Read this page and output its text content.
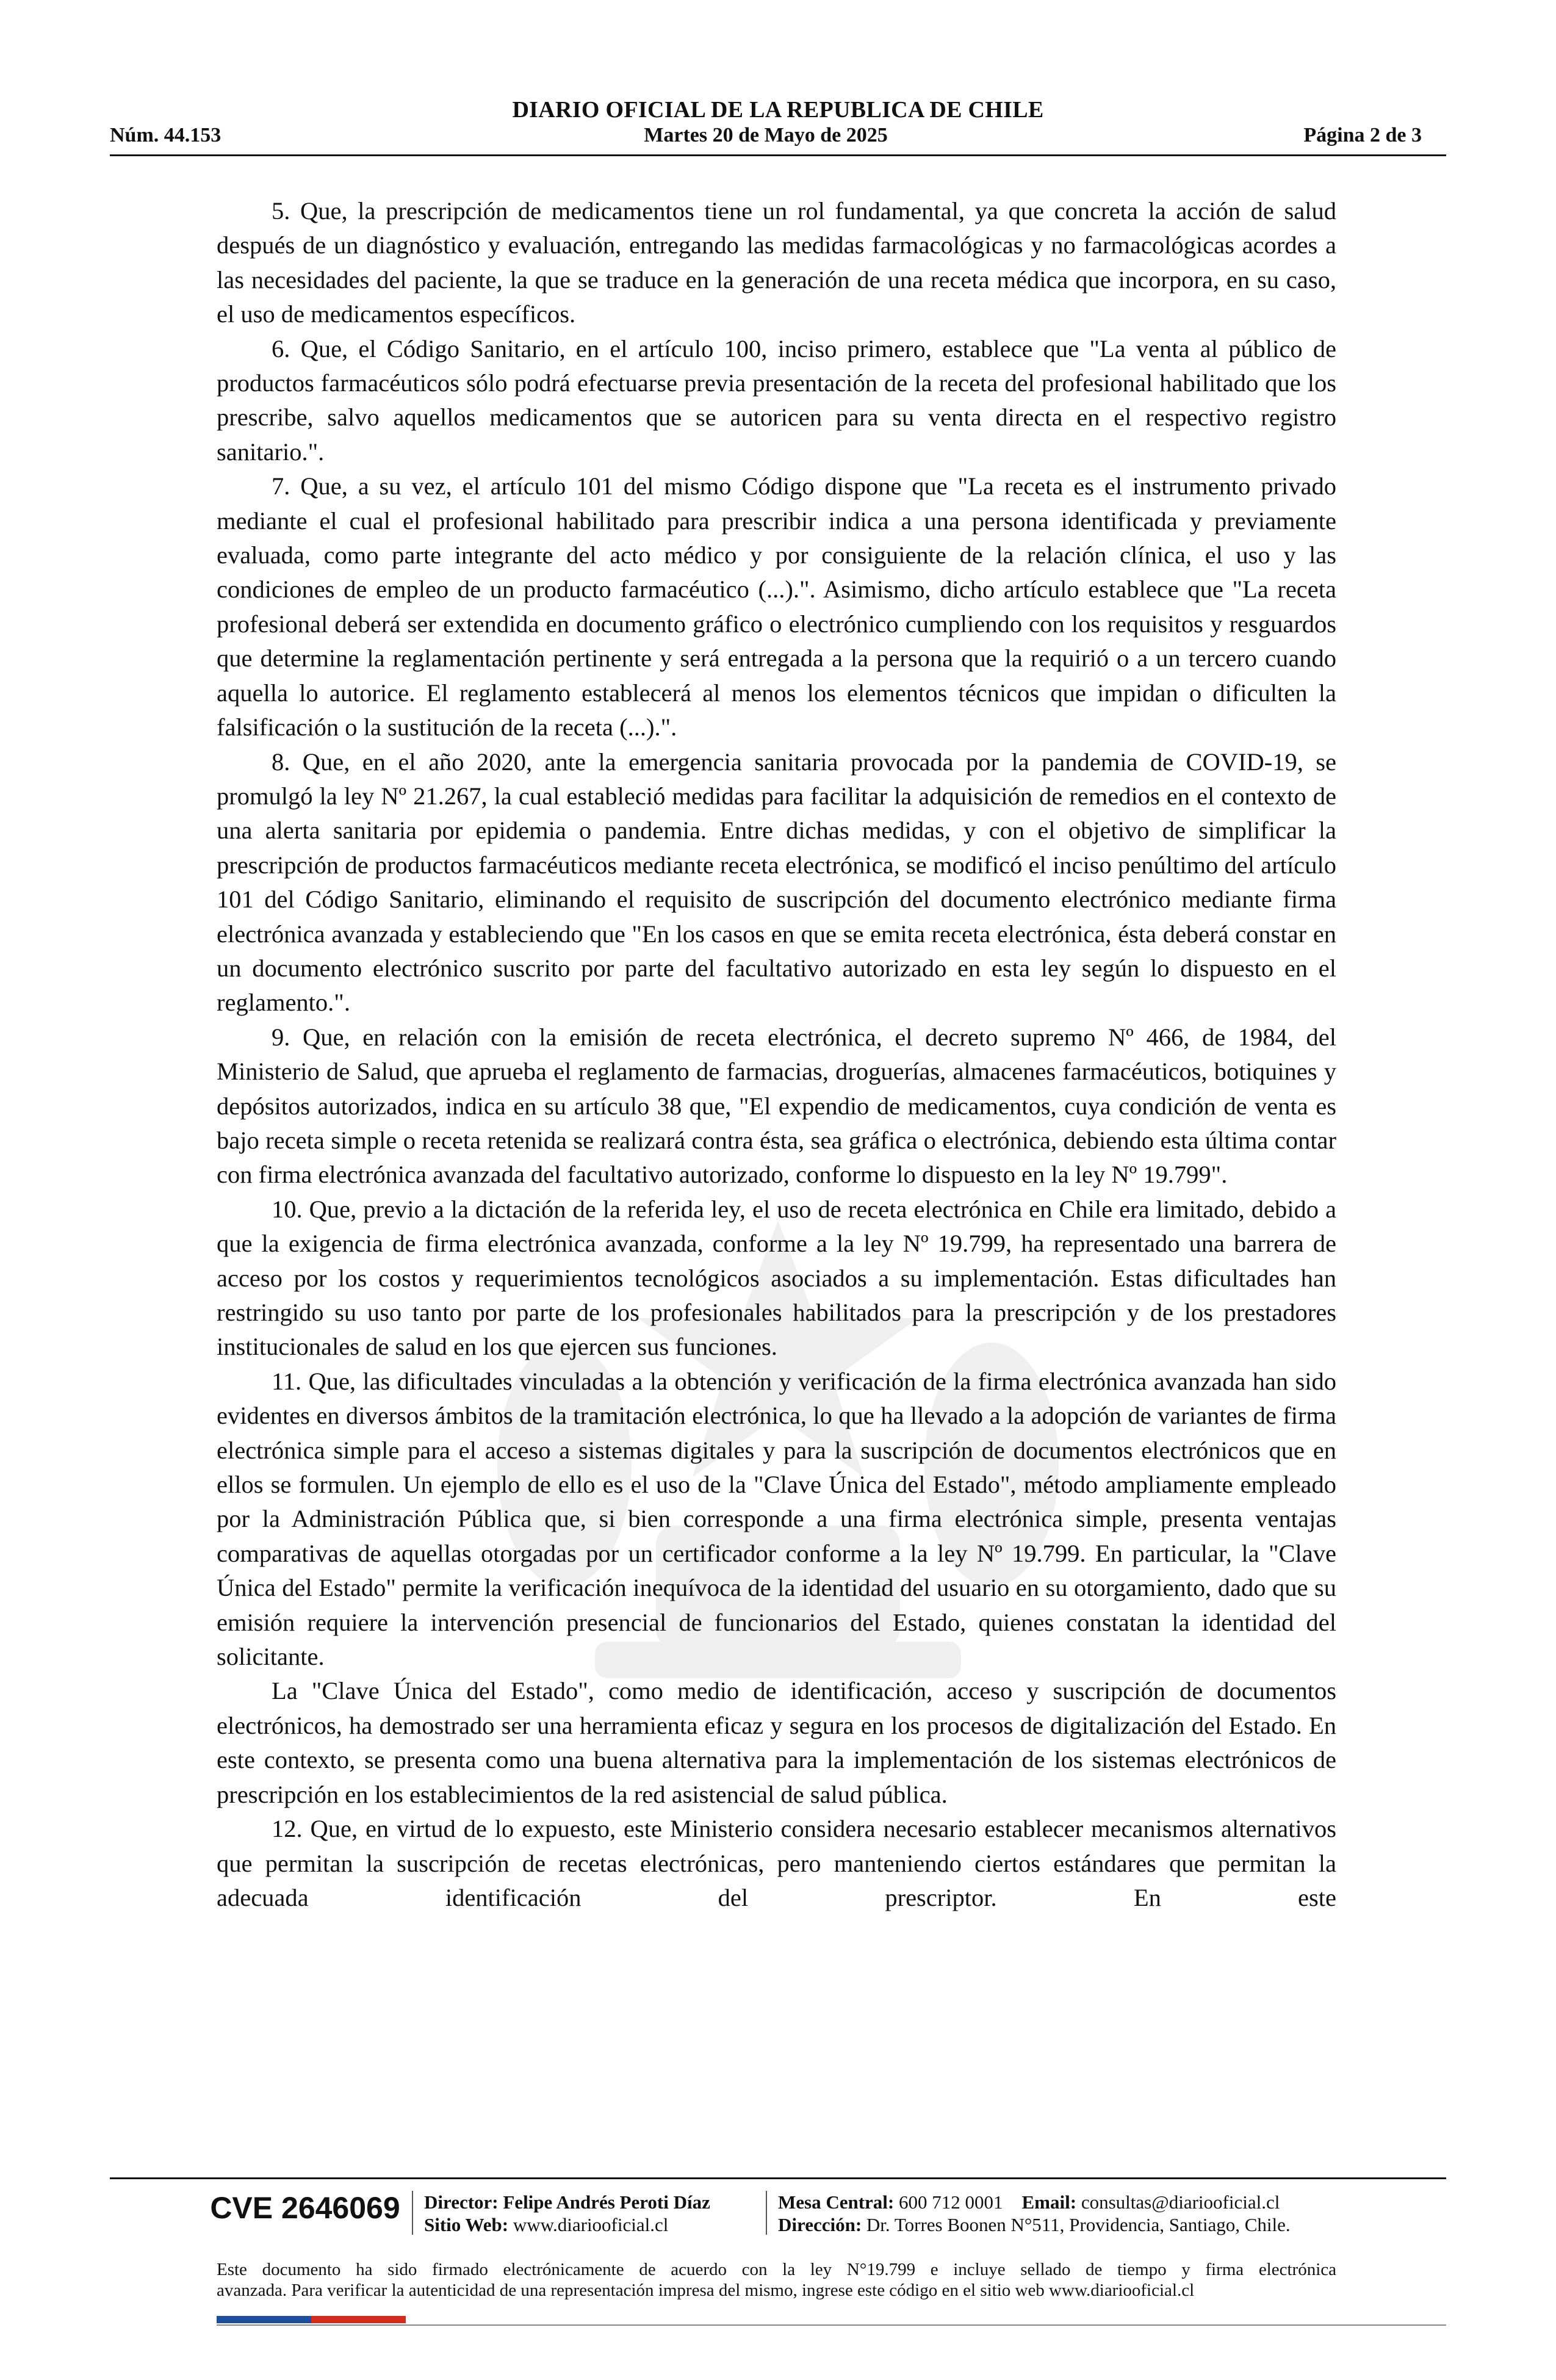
DIARIO OFICIAL DE LA REPUBLICA DE CHILE
Núm. 44.153	Martes 20 de Mayo de 2025	Página 2 de 3

5. Que, la prescripción de medicamentos tiene un rol fundamental, ya que concreta la acción de salud después de un diagnóstico y evaluación, entregando las medidas farmacológicas y no farmacológicas acordes a las necesidades del paciente, la que se traduce en la generación de una receta médica que incorpora, en su caso, el uso de medicamentos específicos.

6. Que, el Código Sanitario, en el artículo 100, inciso primero, establece que "La venta al público de productos farmacéuticos sólo podrá efectuarse previa presentación de la receta del profesional habilitado que los prescribe, salvo aquellos medicamentos que se autoricen para su venta directa en el respectivo registro sanitario.".

7. Que, a su vez, el artículo 101 del mismo Código dispone que "La receta es el instrumento privado mediante el cual el profesional habilitado para prescribir indica a una persona identificada y previamente evaluada, como parte integrante del acto médico y por consiguiente de la relación clínica, el uso y las condiciones de empleo de un producto farmacéutico (...).". Asimismo, dicho artículo establece que "La receta profesional deberá ser extendida en documento gráfico o electrónico cumpliendo con los requisitos y resguardos que determine la reglamentación pertinente y será entregada a la persona que la requirió o a un tercero cuando aquella lo autorice. El reglamento establecerá al menos los elementos técnicos que impidan o dificulten la falsificación o la sustitución de la receta (...).".

8. Que, en el año 2020, ante la emergencia sanitaria provocada por la pandemia de COVID-19, se promulgó la ley Nº 21.267, la cual estableció medidas para facilitar la adquisición de remedios en el contexto de una alerta sanitaria por epidemia o pandemia. Entre dichas medidas, y con el objetivo de simplificar la prescripción de productos farmacéuticos mediante receta electrónica, se modificó el inciso penúltimo del artículo 101 del Código Sanitario, eliminando el requisito de suscripción del documento electrónico mediante firma electrónica avanzada y estableciendo que "En los casos en que se emita receta electrónica, ésta deberá constar en un documento electrónico suscrito por parte del facultativo autorizado en esta ley según lo dispuesto en el reglamento.".

9. Que, en relación con la emisión de receta electrónica, el decreto supremo Nº 466, de 1984, del Ministerio de Salud, que aprueba el reglamento de farmacias, droguerías, almacenes farmacéuticos, botiquines y depósitos autorizados, indica en su artículo 38 que, "El expendio de medicamentos, cuya condición de venta es bajo receta simple o receta retenida se realizará contra ésta, sea gráfica o electrónica, debiendo esta última contar con firma electrónica avanzada del facultativo autorizado, conforme lo dispuesto en la ley Nº 19.799".

10. Que, previo a la dictación de la referida ley, el uso de receta electrónica en Chile era limitado, debido a que la exigencia de firma electrónica avanzada, conforme a la ley Nº 19.799, ha representado una barrera de acceso por los costos y requerimientos tecnológicos asociados a su implementación. Estas dificultades han restringido su uso tanto por parte de los profesionales habilitados para la prescripción y de los prestadores institucionales de salud en los que ejercen sus funciones.

11. Que, las dificultades vinculadas a la obtención y verificación de la firma electrónica avanzada han sido evidentes en diversos ámbitos de la tramitación electrónica, lo que ha llevado a la adopción de variantes de firma electrónica simple para el acceso a sistemas digitales y para la suscripción de documentos electrónicos que en ellos se formulen. Un ejemplo de ello es el uso de la "Clave Única del Estado", método ampliamente empleado por la Administración Pública que, si bien corresponde a una firma electrónica simple, presenta ventajas comparativas de aquellas otorgadas por un certificador conforme a la ley Nº 19.799. En particular, la "Clave Única del Estado" permite la verificación inequívoca de la identidad del usuario en su otorgamiento, dado que su emisión requiere la intervención presencial de funcionarios del Estado, quienes constatan la identidad del solicitante.

La "Clave Única del Estado", como medio de identificación, acceso y suscripción de documentos electrónicos, ha demostrado ser una herramienta eficaz y segura en los procesos de digitalización del Estado. En este contexto, se presenta como una buena alternativa para la implementación de los sistemas electrónicos de prescripción en los establecimientos de la red asistencial de salud pública.

12. Que, en virtud de lo expuesto, este Ministerio considera necesario establecer mecanismos alternativos que permitan la suscripción de recetas electrónicas, pero manteniendo ciertos estándares que permitan la adecuada identificación del prescriptor. En este

CVE 2646069 Director: Felipe Andrés Peroti Díaz
Sitio Web: www.diariooficial.cl
Mesa Central: 600 712 0001 Email: consultas@diariooficial.cl
Dirección: Dr. Torres Boonen N°511, Providencia, Santiago, Chile.
Este documento ha sido firmado electrónicamente de acuerdo con la ley N°19.799 e incluye sellado de tiempo y firma electrónica
avanzada. Para verificar la autenticidad de una representación impresa del mismo, ingrese este código en el sitio web www.diariooficial.cl
